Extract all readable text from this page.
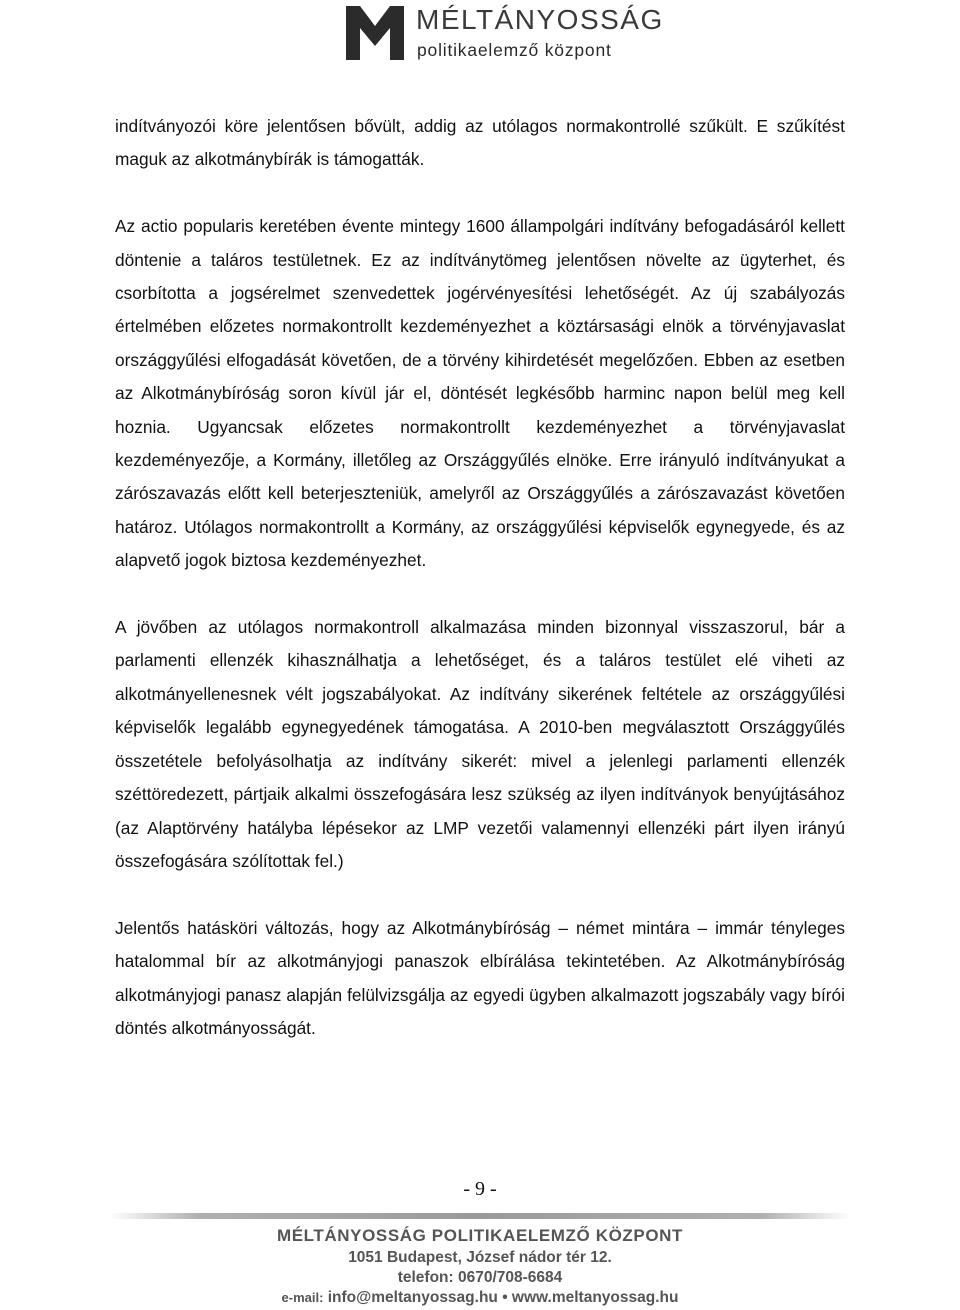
MÉLTÁNYOSSÁG
politikaelemző központ

indítványozói köre jelentősen bővült, addig az utólagos normakontrollé szűkült. E szűkítést maguk az alkotmánybírák is támogatták.

Az actio popularis keretében évente mintegy 1600 állampolgári indítvány befogadásáról kellett döntenie a taláros testületnek. Ez az indítványtömeg jelentősen növelte az ügyterhet, és csorbította a jogsérelmet szenvedettek jogérvényesítési lehetőségét. Az új szabályozás értelmében előzetes normakontrollt kezdeményezhet a köztársasági elnök a törvényjavaslat országgyűlési elfogadását követően, de a törvény kihirdetését megelőzően. Ebben az esetben az Alkotmánybíróság soron kívül jár el, döntését legkésőbb harminc napon belül meg kell hoznia. Ugyancsak előzetes normakontrollt kezdeményezhet a törvényjavaslat kezdeményezője, a Kormány, illetőleg az Országgyűlés elnöke. Erre irányuló indítványukat a zárószavazás előtt kell beterjeszteniük, amelyről az Országgyűlés a zárószavazást követően határoz. Utólagos normakontrollt a Kormány, az országgyűlési képviselők egynegyede, és az alapvető jogok biztosa kezdeményezhet.

A jövőben az utólagos normakontroll alkalmazása minden bizonnyal visszaszorul, bár a parlamenti ellenzék kihasználhatja a lehetőséget, és a taláros testület elé viheti az alkotmányellenesnek vélt jogszabályokat. Az indítvány sikerének feltétele az országgyűlési képviselők legalább egynegyedének támogatása. A 2010-ben megválasztott Országgyűlés összetétele befolyásolhatja az indítvány sikerét: mivel a jelenlegi parlamenti ellenzék széttöredezett, pártjaik alkalmi összefogására lesz szükség az ilyen indítványok benyújtásához (az Alaptörvény hatályba lépésekor az LMP vezetői valamennyi ellenzéki párt ilyen irányú összefogására szólítottak fel.)

Jelentős hatásköri változás, hogy az Alkotmánybíróság – német mintára – immár tényleges hatalommal bír az alkotmányjogi panaszok elbírálása tekintetében. Az Alkotmánybíróság alkotmányjogi panasz alapján felülvizsgálja az egyedi ügyben alkalmazott jogszabály vagy bírói döntés alkotmányosságát.

- 9 -
MÉLTÁNYOSSÁG POLITIKAELEMZŐ KÖZPONT
1051 Budapest, József nádor tér 12.
telefon: 0670/708-6684
e-mail: info@meltanyossag.hu • www.meltanyossag.hu
